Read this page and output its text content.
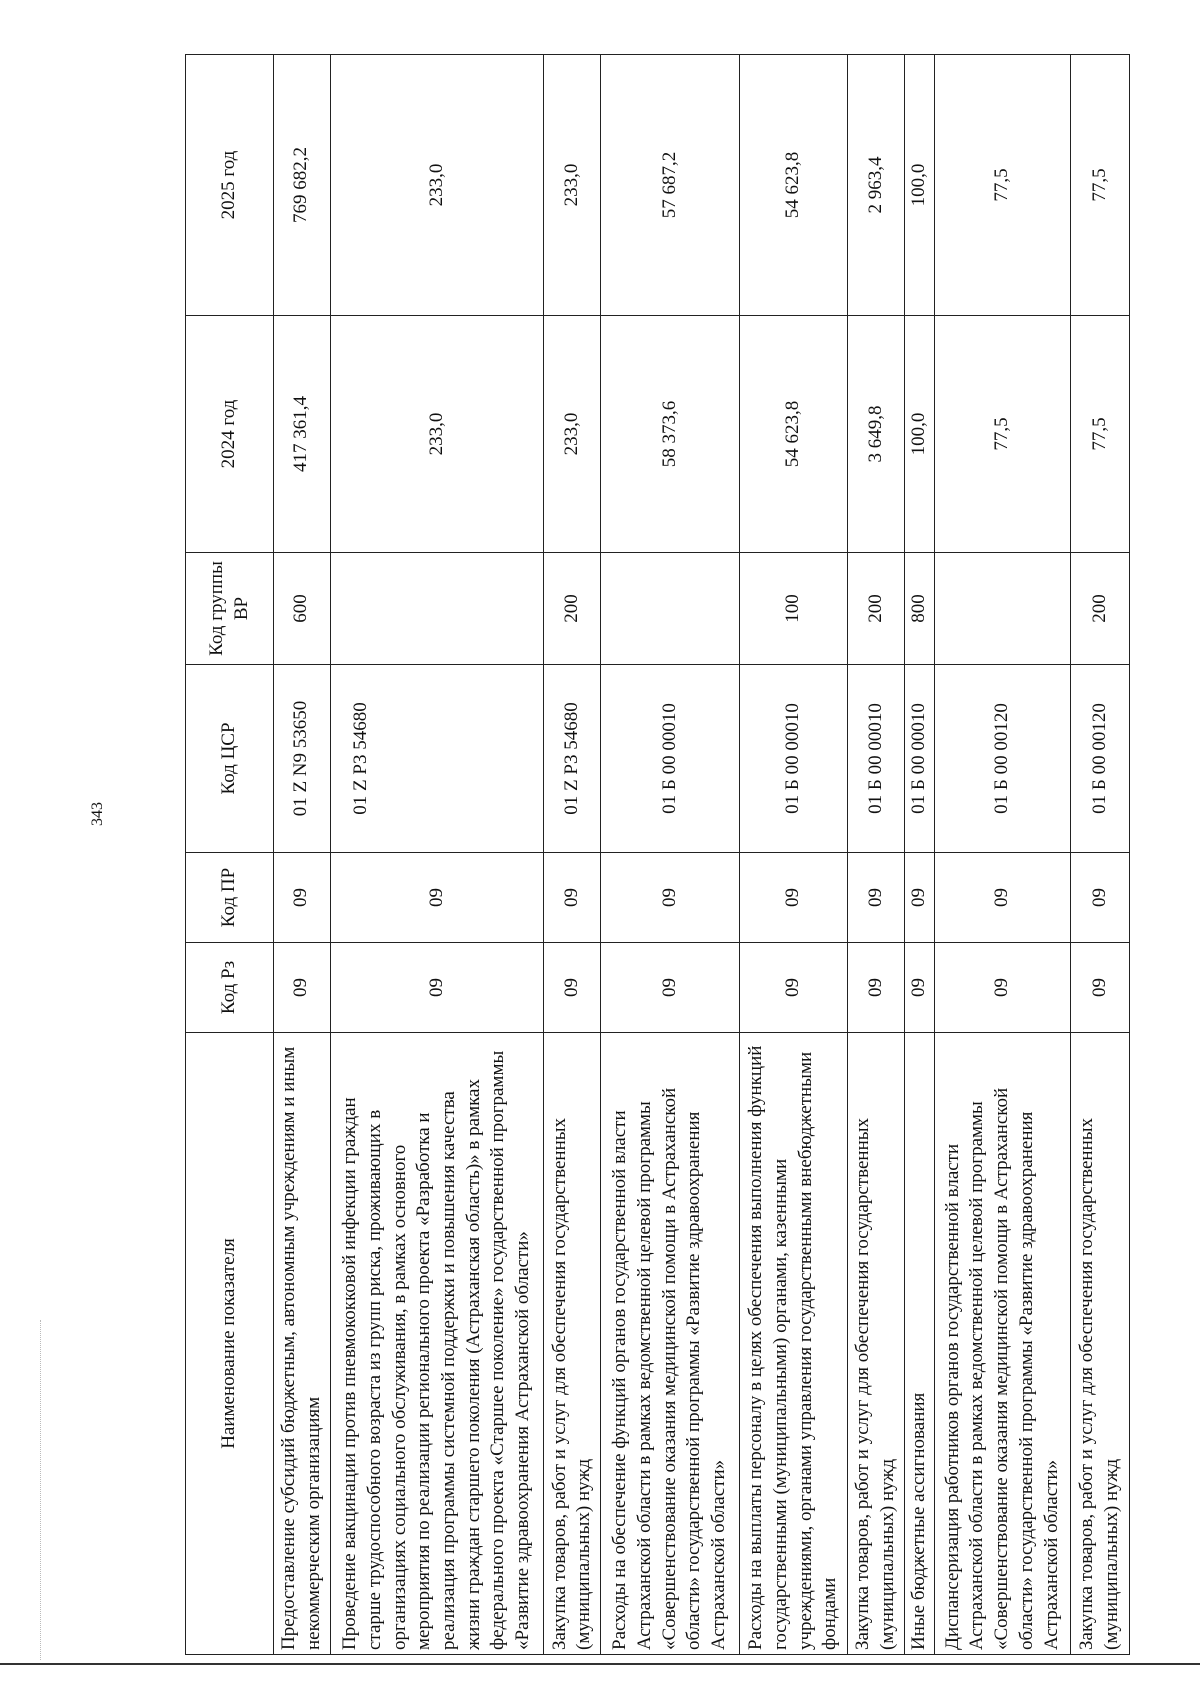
343
Наименование показателя	Код Рз	Код ПР	Код ЦСР	Код группы ВР	2024 год	2025 год
Предоставление субсидий бюджетным, автономным учреждениям и иным некоммерческим организациям	09	09	01 Z N9 53650	600	417 361,4	769 682,2
Проведение вакцинации против пневмококковой инфекции граждан старше трудоспособного возраста из групп риска, проживающих в организациях социального обслуживания, в рамках основного мероприятия по реализации регионального проекта «Разработка и реализация программы системной поддержки и повышения качества жизни граждан старшего поколения (Астраханская область)» в рамках федерального проекта «Старшее поколение» государственной программы «Развитие здравоохранения Астраханской области»	09	09	01 Z P3 54680		233,0	233,0
Закупка товаров, работ и услуг для обеспечения государственных (муниципальных) нужд	09	09	01 Z P3 54680	200	233,0	233,0
Расходы на обеспечение функций органов государственной власти Астраханской области в рамках ведомственной целевой программы «Совершенствование оказания медицинской помощи в Астраханской области» государственной программы «Развитие здравоохранения Астраханской области»	09	09	01 Б 00 00010		58 373,6	57 687,2
Расходы на выплаты персоналу в целях обеспечения выполнения функций государственными (муниципальными) органами, казенными учреждениями, органами управления государственными внебюджетными фондами	09	09	01 Б 00 00010	100	54 623,8	54 623,8
Закупка товаров, работ и услуг для обеспечения государственных (муниципальных) нужд	09	09	01 Б 00 00010	200	3 649,8	2 963,4
Иные бюджетные ассигнования	09	09	01 Б 00 00010	800	100,0	100,0
Диспансеризация работников органов государственной власти Астраханской области в рамках ведомственной целевой программы «Совершенствование оказания медицинской помощи в Астраханской области» государственной программы «Развитие здравоохранения Астраханской области»	09	09	01 Б 00 00120		77,5	77,5
Закупка товаров, работ и услуг для обеспечения государственных (муниципальных) нужд	09	09	01 Б 00 00120	200	77,5	77,5
